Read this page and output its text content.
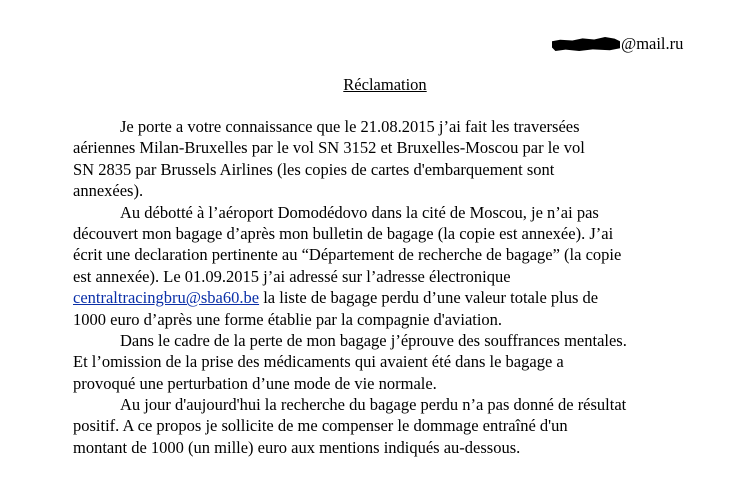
@mail.ru
Réclamation
Je porte a votre connaissance que le 21.08.2015 j’ai fait les traversées
aériennes Milan-Bruxelles par le vol SN 3152 et Bruxelles-Moscou par le vol
SN 2835 par Brussels Airlines (les copies de cartes d'embarquement sont
annexées).
Au débotté à l’aéroport Domodédovo dans la cité de Moscou, je n’ai pas
découvert mon bagage d’après mon bulletin de bagage (la copie est annexée). J’ai
écrit une declaration pertinente au “Département de recherche de bagage” (la copie
est annexée). Le 01.09.2015 j’ai adressé sur l’adresse électronique
centraltracingbru@sba60.be la liste de bagage perdu d’une valeur totale plus de
1000 euro d’après une forme établie par la compagnie d'aviation.
Dans le cadre de la perte de mon bagage j’éprouve des souffrances mentales.
Et l’omission de la prise des médicaments qui avaient été dans le bagage a
provoqué une perturbation d’une mode de vie normale.
Au jour d'aujourd'hui la recherche du bagage perdu n’a pas donné de résultat
positif. A ce propos je sollicite de me compenser le dommage entraîné d'un
montant de 1000 (un mille) euro aux mentions indiqués au-dessous.
